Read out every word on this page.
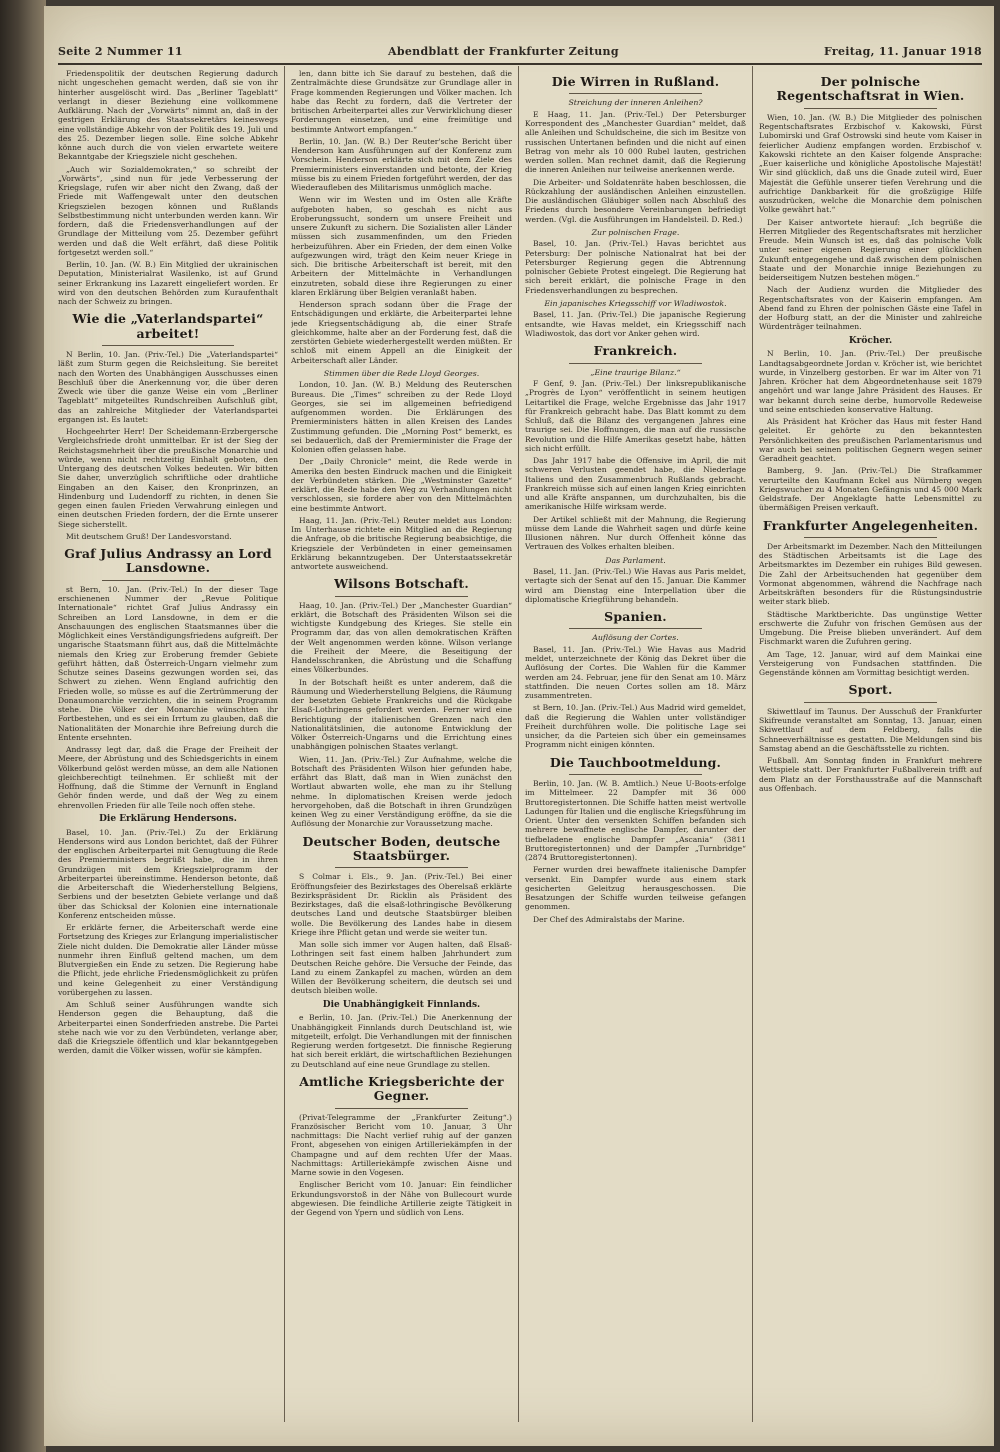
Seite 2 Nummer 11	Abendblatt der Frankfurter Zeitung	Freitag, 11. Januar 1918

Friedenspolitik der deutschen Regierung dadurch nicht ungeschehen gemacht werden, daß sie von ihr hinterher ausgelöscht wird. Das „Berliner Tageblatt“ verlangt in dieser Beziehung eine vollkommene Aufklärung. Nach der „Vorwärts“ nimmt an, daß in der gestrigen Erklärung des Staatssekretärs keineswegs eine vollständige Abkehr von der Politik des 19. Juli und des 25. Dezember liegen solle. Eine solche Abkehr könne auch durch die von vielen erwartete weitere Bekanntgabe der Kriegsziele nicht geschehen.

„Auch wir Sozialdemokraten,“ so schreibt der „Vorwärts“, „sind nun für jede Verbesserung der Kriegslage, rufen wir aber nicht den Zwang, daß der Friede mit Waffengewalt unter den deutschen Kriegszielen bezogen können und Rußlands Selbstbestimmung nicht unterbunden werden kann. Wir fordern, daß die Friedensverhandlungen auf der Grundlage der Mitteilung vom 25. Dezember geführt werden und daß die Welt erfährt, daß diese Politik fortgesetzt werden soll.“

Berlin, 10. Jan. (W. B.) Ein Mitglied der ukrainischen Deputation, Ministerialrat Wasilenko, ist auf Grund seiner Erkrankung ins Lazarett eingeliefert worden. Er wird von den deutschen Behörden zum Kuraufenthalt nach der Schweiz zu bringen.

Wie die „Vaterlandspartei“ arbeitet!

N Berlin, 10. Jan. (Priv.-Tel.) Die „Vaterlandspartei“ läßt zum Sturm gegen die Reichsleitung. Sie bereitet nach den Worten des Unabhängigen Ausschusses einen Beschluß über die Anerkennung vor, die über deren Zweck wie über die ganze Weise ein vom „Berliner Tageblatt“ mitgeteiltes Rundschreiben Aufschluß gibt, das an zahlreiche Mitglieder der Vaterlandspartei ergangen ist. Es lautet:

Hochgeehrter Herr! Der Scheidemann-Erzbergersche Vergleichsfriede droht unmittelbar. Er ist der Sieg der Reichstagsmehrheit über die preußische Monarchie und würde, wenn nicht rechtzeitig Einhalt geboten, den Untergang des deutschen Volkes bedeuten. Wir bitten Sie daher, unverzüglich schriftliche oder drahtliche Eingaben an den Kaiser, den Kronprinzen, an Hindenburg und Ludendorff zu richten, in denen Sie gegen einen faulen Frieden Verwahrung einlegen und einen deutschen Frieden fordern, der die Ernte unserer Siege sicherstellt.

Mit deutschem Gruß! Der Landesvorstand.

Graf Julius Andrassy an Lord Lansdowne.

st Bern, 10. Jan. (Priv.-Tel.) In der dieser Tage erschienenen Nummer der „Revue Politique Internationale“ richtet Graf Julius Andrassy ein Schreiben an Lord Lansdowne, in dem er die Anschauungen des englischen Staatsmannes über die Möglichkeit eines Verständigungsfriedens aufgreift. Der ungarische Staatsmann führt aus, daß die Mittelmächte niemals den Krieg zur Eroberung fremder Gebiete geführt hätten, daß Österreich-Ungarn vielmehr zum Schutze seines Daseins gezwungen worden sei, das Schwert zu ziehen. Wenn England aufrichtig den Frieden wolle, so müsse es auf die Zertrümmerung der Donaumonarchie verzichten, die in seinem Programm stehe. Die Völker der Monarchie wünschten ihr Fortbestehen, und es sei ein Irrtum zu glauben, daß die Nationalitäten der Monarchie ihre Befreiung durch die Entente ersehnten.

Andrassy legt dar, daß die Frage der Freiheit der Meere, der Abrüstung und des Schiedsgerichts in einem Völkerbund gelöst werden müsse, an dem alle Nationen gleichberechtigt teilnehmen. Er schließt mit der Hoffnung, daß die Stimme der Vernunft in England Gehör finden werde, und daß der Weg zu einem ehrenvollen Frieden für alle Teile noch offen stehe.

Die Erklärung Hendersons.

Basel, 10. Jan. (Priv.-Tel.) Zu der Erklärung Hendersons wird aus London berichtet, daß der Führer der englischen Arbeiterpartei mit Genugtuung die Rede des Premierministers begrüßt habe, die in ihren Grundzügen mit dem Kriegszielprogramm der Arbeiterpartei übereinstimme. Henderson betonte, daß die Arbeiterschaft die Wiederherstellung Belgiens, Serbiens und der besetzten Gebiete verlange und daß über das Schicksal der Kolonien eine internationale Konferenz entscheiden müsse.

Er erklärte ferner, die Arbeiterschaft werde eine Fortsetzung des Krieges zur Erlangung imperialistischer Ziele nicht dulden. Die Demokratie aller Länder müsse nunmehr ihren Einfluß geltend machen, um dem Blutvergießen ein Ende zu setzen. Die Regierung habe die Pflicht, jede ehrliche Friedensmöglichkeit zu prüfen und keine Gelegenheit zu einer Verständigung vorübergehen zu lassen.

Am Schluß seiner Ausführungen wandte sich Henderson gegen die Behauptung, daß die Arbeiterpartei einen Sonderfrieden anstrebe. Die Partei stehe nach wie vor zu den Verbündeten, verlange aber, daß die Kriegsziele öffentlich und klar bekanntgegeben werden, damit die Völker wissen, wofür sie kämpfen.

len, dann bitte ich Sie darauf zu bestehen, daß die Zentralmächte diese Grundsätze zur Grundlage aller in Frage kommenden Regierungen und Völker machen. Ich habe das Recht zu fordern, daß die Vertreter der britischen Arbeiterpartei alles zur Verwirklichung dieser Forderungen einsetzen, und eine freimütige und bestimmte Antwort empfangen.“

Berlin, 10. Jan. (W. B.) Der Reuter'sche Bericht über Henderson kam Ausführungen auf der Konferenz zum Vorschein. Henderson erklärte sich mit dem Ziele des Premierministers einverstanden und betonte, der Krieg müsse bis zu einem Frieden fortgeführt werden, der das Wiederaufleben des Militarismus unmöglich mache.

Wenn wir im Westen und im Osten alle Kräfte aufgeboten haben, so geschah es nicht aus Eroberungssucht, sondern um unsere Freiheit und unsere Zukunft zu sichern. Die Sozialisten aller Länder müssen sich zusammenfinden, um den Frieden herbeizuführen. Aber ein Frieden, der dem einen Volke aufgezwungen wird, trägt den Keim neuer Kriege in sich. Die britische Arbeiterschaft ist bereit, mit den Arbeitern der Mittelmächte in Verhandlungen einzutreten, sobald diese ihre Regierungen zu einer klaren Erklärung über Belgien veranlaßt haben.

Henderson sprach sodann über die Frage der Entschädigungen und erklärte, die Arbeiterpartei lehne jede Kriegsentschädigung ab, die einer Strafe gleichkomme, halte aber an der Forderung fest, daß die zerstörten Gebiete wiederhergestellt werden müßten. Er schloß mit einem Appell an die Einigkeit der Arbeiterschaft aller Länder.

Stimmen über die Rede Lloyd Georges.

London, 10. Jan. (W. B.) Meldung des Reuterschen Bureaus. Die „Times“ schreiben zu der Rede Lloyd Georges, sie sei im allgemeinen befriedigend aufgenommen worden. Die Erklärungen des Premierministers hätten in allen Kreisen des Landes Zustimmung gefunden. Die „Morning Post“ bemerkt, es sei bedauerlich, daß der Premierminister die Frage der Kolonien offen gelassen habe.

Der „Daily Chronicle“ meint, die Rede werde in Amerika den besten Eindruck machen und die Einigkeit der Verbündeten stärken. Die „Westminster Gazette“ erklärt, die Rede habe den Weg zu Verhandlungen nicht verschlossen, sie fordere aber von den Mittelmächten eine bestimmte Antwort.

Haag, 11. Jan. (Priv.-Tel.) Reuter meldet aus London: Im Unterhause richtete ein Mitglied an die Regierung die Anfrage, ob die britische Regierung beabsichtige, die Kriegsziele der Verbündeten in einer gemeinsamen Erklärung bekanntzugeben. Der Unterstaatssekretär antwortete ausweichend.

Wilsons Botschaft.

Haag, 10. Jan. (Priv.-Tel.) Der „Manchester Guardian“ erklärt, die Botschaft des Präsidenten Wilson sei die wichtigste Kundgebung des Krieges. Sie stelle ein Programm dar, das von allen demokratischen Kräften der Welt angenommen werden könne. Wilson verlange die Freiheit der Meere, die Beseitigung der Handelsschranken, die Abrüstung und die Schaffung eines Völkerbundes.

In der Botschaft heißt es unter anderem, daß die Räumung und Wiederherstellung Belgiens, die Räumung der besetzten Gebiete Frankreichs und die Rückgabe Elsaß-Lothringens gefordert werden. Ferner wird eine Berichtigung der italienischen Grenzen nach den Nationalitätslinien, die autonome Entwicklung der Völker Österreich-Ungarns und die Errichtung eines unabhängigen polnischen Staates verlangt.

Wien, 11. Jan. (Priv.-Tel.) Zur Aufnahme, welche die Botschaft des Präsidenten Wilson hier gefunden habe, erfährt das Blatt, daß man in Wien zunächst den Wortlaut abwarten wolle, ehe man zu ihr Stellung nehme. In diplomatischen Kreisen werde jedoch hervorgehoben, daß die Botschaft in ihren Grundzügen keinen Weg zu einer Verständigung eröffne, da sie die Auflösung der Monarchie zur Voraussetzung mache.

Deutscher Boden, deutsche Staatsbürger.

S Colmar i. Els., 9. Jan. (Priv.-Tel.) Bei einer Eröffnungsfeier des Bezirkstages des Oberelsaß erklärte Bezirkspräsident Dr. Ricklin als Präsident des Bezirkstages, daß die elsaß-lothringische Bevölkerung deutsches Land und deutsche Staatsbürger bleiben wolle. Die Bevölkerung des Landes habe in diesem Kriege ihre Pflicht getan und werde sie weiter tun.

Man solle sich immer vor Augen halten, daß Elsaß-Lothringen seit fast einem halben Jahrhundert zum Deutschen Reiche gehöre. Die Versuche der Feinde, das Land zu einem Zankapfel zu machen, würden an dem Willen der Bevölkerung scheitern, die deutsch sei und deutsch bleiben wolle.

Die Unabhängigkeit Finnlands.

e Berlin, 10. Jan. (Priv.-Tel.) Die Anerkennung der Unabhängigkeit Finnlands durch Deutschland ist, wie mitgeteilt, erfolgt. Die Verhandlungen mit der finnischen Regierung werden fortgesetzt. Die finnische Regierung hat sich bereit erklärt, die wirtschaftlichen Beziehungen zu Deutschland auf eine neue Grundlage zu stellen.

Amtliche Kriegsberichte der Gegner.

(Privat-Telegramme der „Frankfurter Zeitung“.) Französischer Bericht vom 10. Januar, 3 Uhr nachmittags: Die Nacht verlief ruhig auf der ganzen Front, abgesehen von einigen Artilleriekämpfen in der Champagne und auf dem rechten Ufer der Maas. Nachmittags: Artilleriekämpfe zwischen Aisne und Marne sowie in den Vogesen.

Englischer Bericht vom 10. Januar: Ein feindlicher Erkundungsvorstoß in der Nähe von Bullecourt wurde abgewiesen. Die feindliche Artillerie zeigte Tätigkeit in der Gegend von Ypern und südlich von Lens.

Die Wirren in Rußland.
Streichung der inneren Anleihen?

E Haag, 11. Jan. (Priv.-Tel.) Der Petersburger Korrespondent des „Manchester Guardian“ meldet, daß alle Anleihen und Schuldscheine, die sich im Besitze von russischen Untertanen befinden und die nicht auf einen Betrag von mehr als 10 000 Rubel lauten, gestrichen werden sollen. Man rechnet damit, daß die Regierung die inneren Anleihen nur teilweise anerkennen werde.

Die Arbeiter- und Soldatenräte haben beschlossen, die Rückzahlung der ausländischen Anleihen einzustellen. Die ausländischen Gläubiger sollen nach Abschluß des Friedens durch besondere Vereinbarungen befriedigt werden. (Vgl. die Ausführungen im Handelsteil. D. Red.)

Zur polnischen Frage.

Basel, 10. Jan. (Priv.-Tel.) Havas berichtet aus Petersburg: Der polnische Nationalrat hat bei der Petersburger Regierung gegen die Abtrennung polnischer Gebiete Protest eingelegt. Die Regierung hat sich bereit erklärt, die polnische Frage in den Friedensverhandlungen zu besprechen.

Ein japanisches Kriegsschiff vor Wladiwostok.

Basel, 11. Jan. (Priv.-Tel.) Die japanische Regierung entsandte, wie Havas meldet, ein Kriegsschiff nach Wladiwostok, das dort vor Anker gehen wird.

Frankreich.
„Eine traurige Bilanz.“

F Genf, 9. Jan. (Priv.-Tel.) Der linksrepublikanische „Progrès de Lyon“ veröffentlicht in seinem heutigen Leitartikel die Frage, welche Ergebnisse das Jahr 1917 für Frankreich gebracht habe. Das Blatt kommt zu dem Schluß, daß die Bilanz des vergangenen Jahres eine traurige sei. Die Hoffnungen, die man auf die russische Revolution und die Hilfe Amerikas gesetzt habe, hätten sich nicht erfüllt.

Das Jahr 1917 habe die Offensive im April, die mit schweren Verlusten geendet habe, die Niederlage Italiens und den Zusammenbruch Rußlands gebracht. Frankreich müsse sich auf einen langen Krieg einrichten und alle Kräfte anspannen, um durchzuhalten, bis die amerikanische Hilfe wirksam werde.

Der Artikel schließt mit der Mahnung, die Regierung müsse dem Lande die Wahrheit sagen und dürfe keine Illusionen nähren. Nur durch Offenheit könne das Vertrauen des Volkes erhalten bleiben.

Das Parlament.

Basel, 11. Jan. (Priv.-Tel.) Wie Havas aus Paris meldet, vertagte sich der Senat auf den 15. Januar. Die Kammer wird am Dienstag eine Interpellation über die diplomatische Kriegführung behandeln.

Spanien.
Auflösung der Cortes.

Basel, 11. Jan. (Priv.-Tel.) Wie Havas aus Madrid meldet, unterzeichnete der König das Dekret über die Auflösung der Cortes. Die Wahlen für die Kammer werden am 24. Februar, jene für den Senat am 10. März stattfinden. Die neuen Cortes sollen am 18. März zusammentreten.

st Bern, 10. Jan. (Priv.-Tel.) Aus Madrid wird gemeldet, daß die Regierung die Wahlen unter vollständiger Freiheit durchführen wolle. Die politische Lage sei unsicher, da die Parteien sich über ein gemeinsames Programm nicht einigen könnten.

Die Tauchbootmeldung.

Berlin, 10. Jan. (W. B. Amtlich.) Neue U-Boots-erfolge im Mittelmeer. 22 Dampfer mit 36 000 Bruttoregistertonnen. Die Schiffe hatten meist wertvolle Ladungen für Italien und die englische Kriegsführung im Orient. Unter den versenkten Schiffen befanden sich mehrere bewaffnete englische Dampfer, darunter der tiefbeladene englische Dampfer „Ascania“ (3811 Bruttoregistertonnen) und der Dampfer „Turnbridge“ (2874 Bruttoregistertonnen).

Ferner wurden drei bewaffnete italienische Dampfer versenkt. Ein Dampfer wurde aus einem stark gesicherten Geleitzug herausgeschossen. Die Besatzungen der Schiffe wurden teilweise gefangen genommen.

Der Chef des Admiralstabs der Marine.

Der polnische Regentschaftsrat in Wien.

Wien, 10. Jan. (W. B.) Die Mitglieder des polnischen Regentschaftsrates Erzbischof v. Kakowski, Fürst Lubomirski und Graf Ostrowski sind heute vom Kaiser in feierlicher Audienz empfangen worden. Erzbischof v. Kakowski richtete an den Kaiser folgende Ansprache: „Euer kaiserliche und königliche Apostolische Majestät! Wir sind glücklich, daß uns die Gnade zuteil wird, Euer Majestät die Gefühle unserer tiefen Verehrung und die aufrichtige Dankbarkeit für die großzügige Hilfe auszudrücken, welche die Monarchie dem polnischen Volke gewährt hat.“

Der Kaiser antwortete hierauf: „Ich begrüße die Herren Mitglieder des Regentschaftsrates mit herzlicher Freude. Mein Wunsch ist es, daß das polnische Volk unter seiner eigenen Regierung einer glücklichen Zukunft entgegengehe und daß zwischen dem polnischen Staate und der Monarchie innige Beziehungen zu beiderseitigem Nutzen bestehen mögen.“

Nach der Audienz wurden die Mitglieder des Regentschaftsrates von der Kaiserin empfangen. Am Abend fand zu Ehren der polnischen Gäste eine Tafel in der Hofburg statt, an der die Minister und zahlreiche Würdenträger teilnahmen.

Kröcher.

N Berlin, 10. Jan. (Priv.-Tel.) Der preußische Landtagsabgeordnete Jordan v. Kröcher ist, wie berichtet wurde, in Vinzelberg gestorben. Er war im Alter von 71 Jahren. Kröcher hat dem Abgeordnetenhause seit 1879 angehört und war lange Jahre Präsident des Hauses. Er war bekannt durch seine derbe, humorvolle Redeweise und seine entschieden konservative Haltung.

Als Präsident hat Kröcher das Haus mit fester Hand geleitet. Er gehörte zu den bekanntesten Persönlichkeiten des preußischen Parlamentarismus und war auch bei seinen politischen Gegnern wegen seiner Geradheit geachtet.

Bamberg, 9. Jan. (Priv.-Tel.) Die Strafkammer verurteilte den Kaufmann Eckel aus Nürnberg wegen Kriegswucher zu 4 Monaten Gefängnis und 45 000 Mark Geldstrafe. Der Angeklagte hatte Lebensmittel zu übermäßigen Preisen verkauft.

Frankfurter Angelegenheiten.

Der Arbeitsmarkt im Dezember. Nach den Mitteilungen des Städtischen Arbeitsamts ist die Lage des Arbeitsmarktes im Dezember ein ruhiges Bild gewesen. Die Zahl der Arbeitsuchenden hat gegenüber dem Vormonat abgenommen, während die Nachfrage nach Arbeitskräften besonders für die Rüstungsindustrie weiter stark blieb.

Städtische Marktberichte. Das ungünstige Wetter erschwerte die Zufuhr von frischen Gemüsen aus der Umgebung. Die Preise blieben unverändert. Auf dem Fischmarkt waren die Zufuhren gering.

Am Tage, 12. Januar, wird auf dem Mainkai eine Versteigerung von Fundsachen stattfinden. Die Gegenstände können am Vormittag besichtigt werden.

Sport.

Skiwettlauf im Taunus. Der Ausschuß der Frankfurter Skifreunde veranstaltet am Sonntag, 13. Januar, einen Skiwettlauf auf dem Feldberg, falls die Schneeverhältnisse es gestatten. Die Meldungen sind bis Samstag abend an die Geschäftsstelle zu richten.

Fußball. Am Sonntag finden in Frankfurt mehrere Wettspiele statt. Der Frankfurter Fußballverein trifft auf dem Platz an der Forsthausstraße auf die Mannschaft aus Offenbach.
